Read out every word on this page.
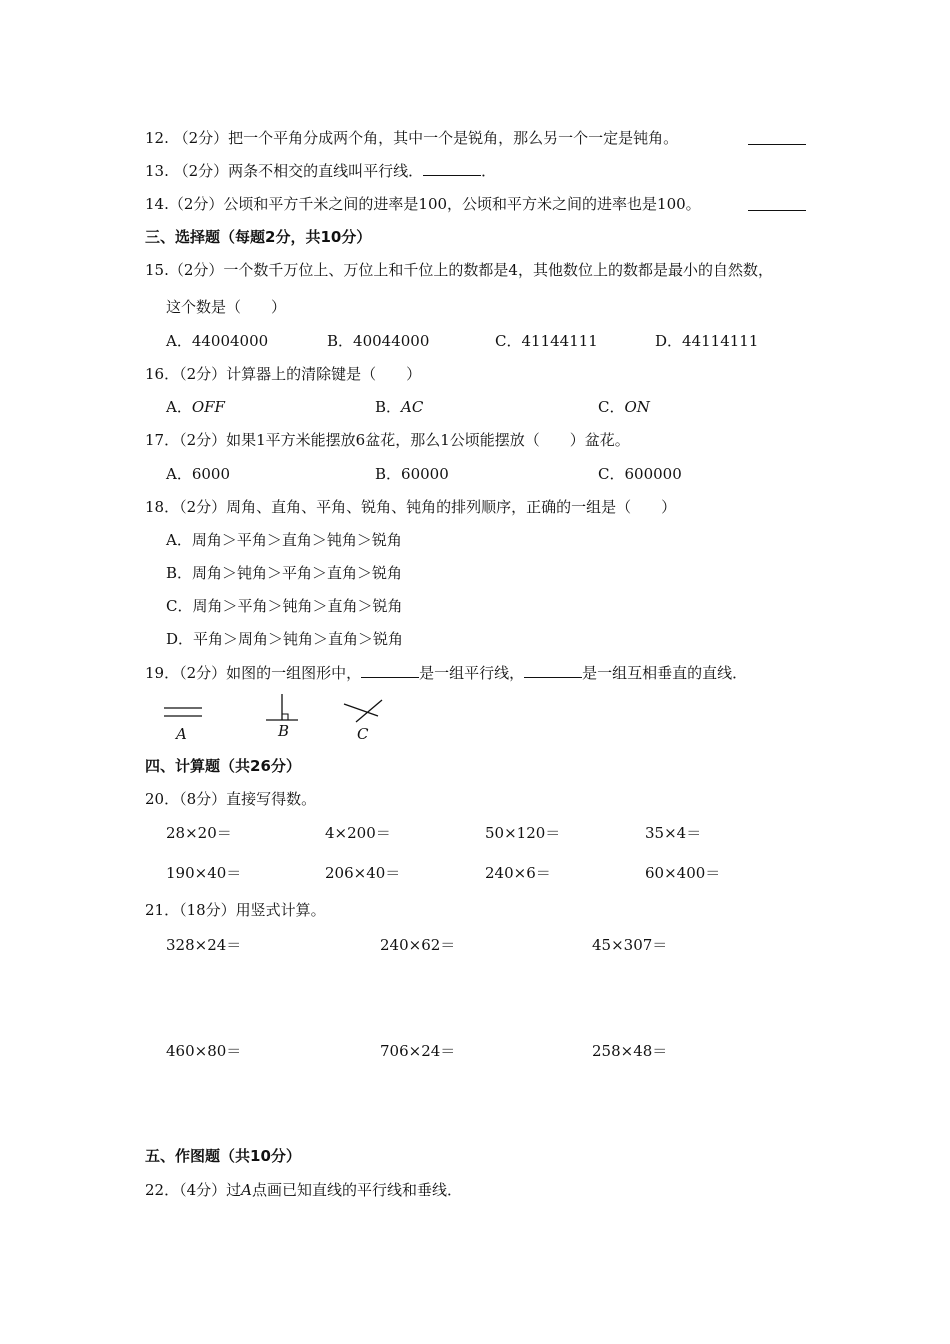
12. （2分）把一个平角分成两个角，其中一个是锐角，那么另一个一定是钝角。
13. （2分）两条不相交的直线叫平行线．	．
14.（2分）公顷和平方千米之间的进率是100，公顷和平方米之间的进率也是100。
三、选择题（每题2分，共10分）
15.（2分）一个数千万位上、万位上和千位上的数都是4，其他数位上的数都是最小的自然数，
这个数是（　　）
A．44004000	B．40044000	C．41144111	D．44114111
16．（2分）计算器上的清除键是（　　）
A．OFF	B．AC	C．ON
17．（2分）如果1平方米能摆放6盆花，那么1公顷能摆放（　　）盆花。
A．6000	B．60000	C．600000
18．（2分）周角、直角、平角、锐角、钝角的排列顺序，正确的一组是（　　）
A．周角＞平角＞直角＞钝角＞锐角
B．周角＞钝角＞平角＞直角＞锐角
C．周角＞平角＞钝角＞直角＞锐角
D．平角＞周角＞钝角＞直角＞锐角
19．（2分）如图的一组图形中，	是一组平行线，	是一组互相垂直的直线．
A	B	C
四、计算题（共26分）
20．（8分）直接写得数。
28×20＝	4×200＝	50×120＝	35×4＝
190×40＝	206×40＝	240×6＝	60×400＝
21．（18分）用竖式计算。
328×24＝	240×62＝	45×307＝
460×80＝	706×24＝	258×48＝
五、作图题（共10分）
22．（4分）过A点画已知直线的平行线和垂线．
